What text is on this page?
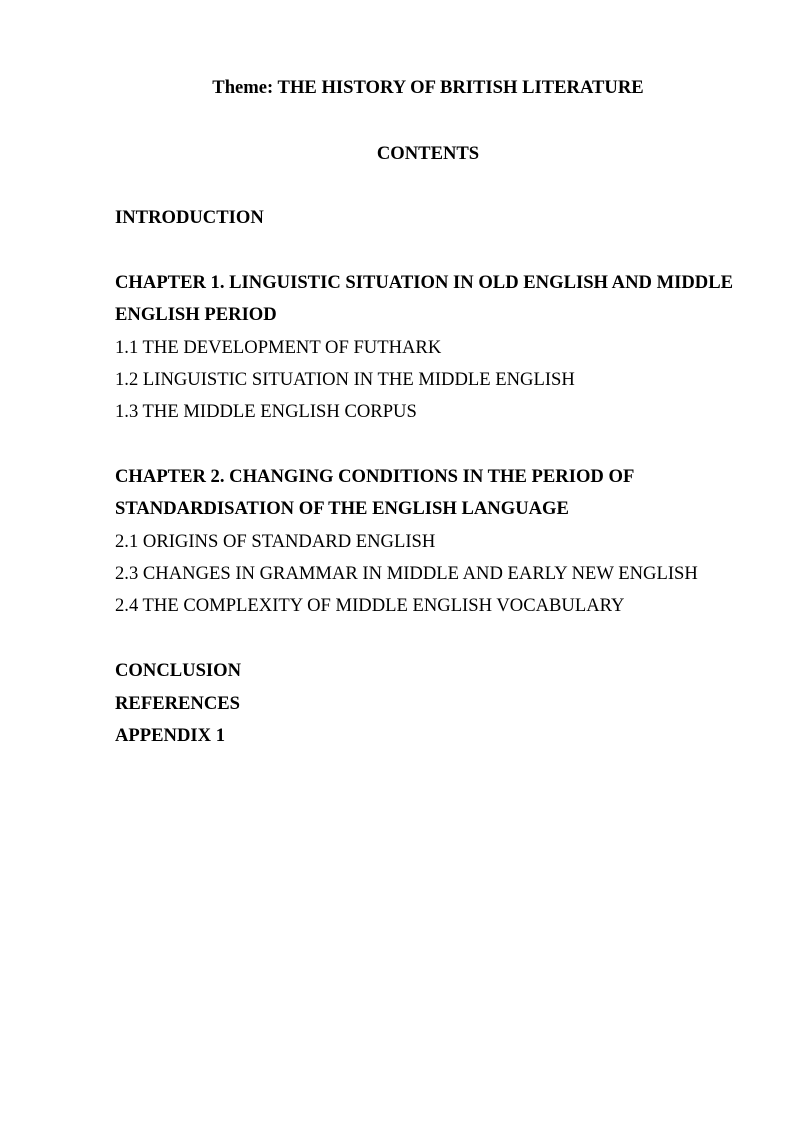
Theme: THE HISTORY OF BRITISH LITERATURE

CONTENTS

INTRODUCTION

CHAPTER 1. LINGUISTIC SITUATION IN OLD ENGLISH AND MIDDLE

ENGLISH PERIOD

1.1 THE DEVELOPMENT OF FUTHARK

1.2 LINGUISTIC SITUATION IN THE MIDDLE ENGLISH

1.3 THE MIDDLE ENGLISH CORPUS

CHAPTER 2. CHANGING CONDITIONS IN THE PERIOD OF

STANDARDISATION OF THE ENGLISH LANGUAGE

2.1 ORIGINS OF STANDARD ENGLISH

2.3 CHANGES IN GRAMMAR IN MIDDLE AND EARLY NEW ENGLISH

2.4 THE COMPLEXITY OF MIDDLE ENGLISH VOCABULARY

CONCLUSION

REFERENCES

APPENDIX 1
